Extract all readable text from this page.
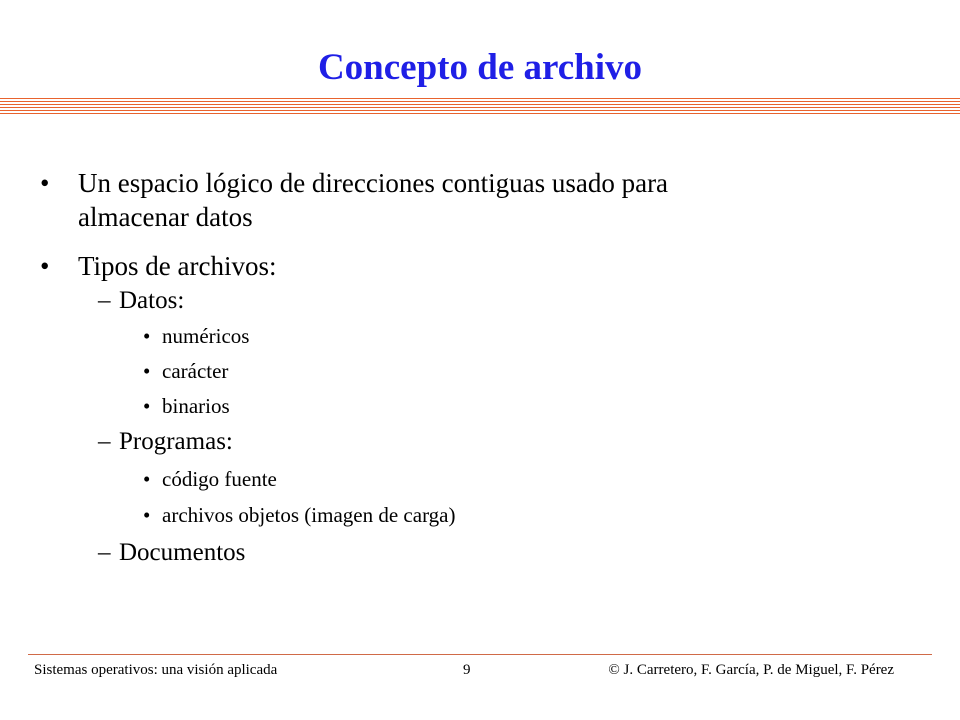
Concepto de archivo
• Un espacio lógico de direcciones contiguas usado para
almacenar datos
• Tipos de archivos:
– Datos:
• numéricos
• carácter
• binarios
– Programas:
• código fuente
• archivos objetos (imagen de carga)
– Documentos
Sistemas operativos: una visión aplicada	9	© J. Carretero, F. García, P. de Miguel, F. Pérez
